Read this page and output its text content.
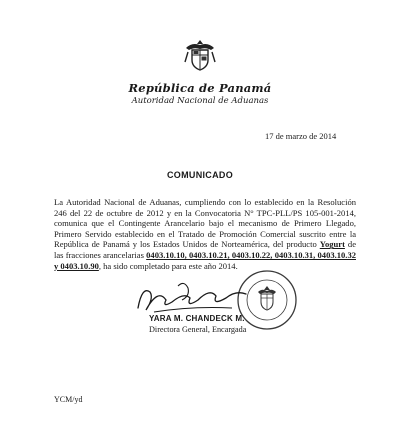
República de Panamá
Autoridad Nacional de Aduanas
17 de marzo de 2014
COMUNICADO
La Autoridad Nacional de Aduanas, cumpliendo con lo establecido en la Resolución 246 del 22 de octubre de 2012 y en la Convocatoria N° TPC-PLL/PS 105-001-2014, comunica que el Contingente Arancelario bajo el mecanismo de Primero Llegado, Primero Servido establecido en el Tratado de Promoción Comercial suscrito entre la República de Panamá y los Estados Unidos de Norteamérica, del producto Yogurt de las fracciones arancelarias 0403.10.10, 0403.10.21, 0403.10.22, 0403.10.31, 0403.10.32 y 0403.10.90, ha sido completado para este año 2014.
YARA M. CHANDECK M.
Directora General, Encargada
YCM/yd
